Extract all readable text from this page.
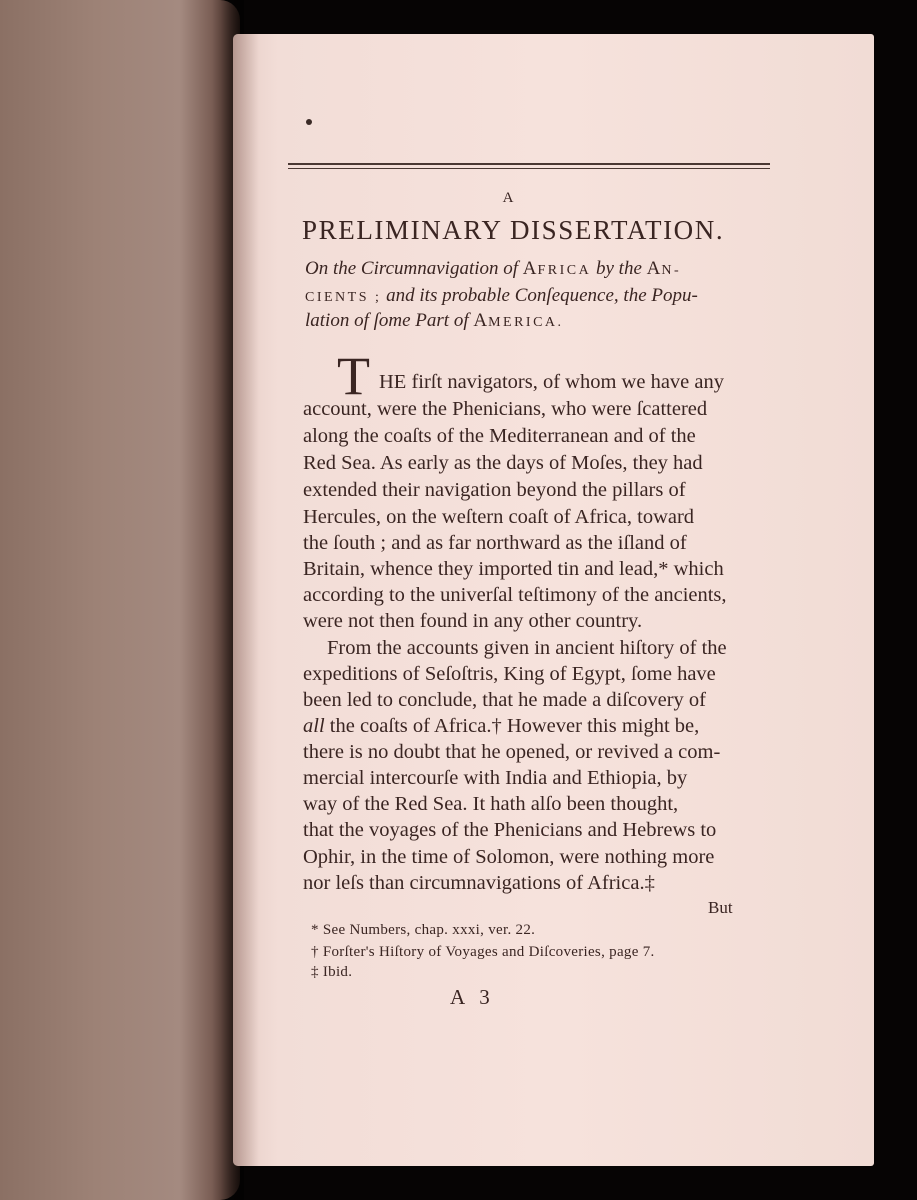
A
PRELIMINARY DISSERTATION.
On the Circumnavigation of AFRICA by the AN-
CIENTS ; and its probable Conſequence, the Popu-
lation of ſome Part of AMERICA.
T HE firſt navigators, of whom we have any
account, were the Phenicians, who were ſcattered
along the coaſts of the Mediterranean and of the
Red Sea. As early as the days of Moſes, they had
extended their navigation beyond the pillars of
Hercules, on the weſtern coaſt of Africa, toward
the ſouth ; and as far northward as the iſland of
Britain, whence they imported tin and lead,* which
according to the univerſal teſtimony of the ancients,
were not then found in any other country.
From the accounts given in ancient hiſtory of the
expeditions of Seſoſtris, King of Egypt, ſome have
been led to conclude, that he made a diſcovery of
all the coaſts of Africa.† However this might be,
there is no doubt that he opened, or revived a com-
mercial intercourſe with India and Ethiopia, by
way of the Red Sea. It hath alſo been thought,
that the voyages of the Phenicians and Hebrews to
Ophir, in the time of Solomon, were nothing more
nor leſs than circumnavigations of Africa.‡
But
* See Numbers, chap. xxxi, ver. 22.
† Forſter's Hiſtory of Voyages and Diſcoveries, page 7.
‡ Ibid.
A 3
